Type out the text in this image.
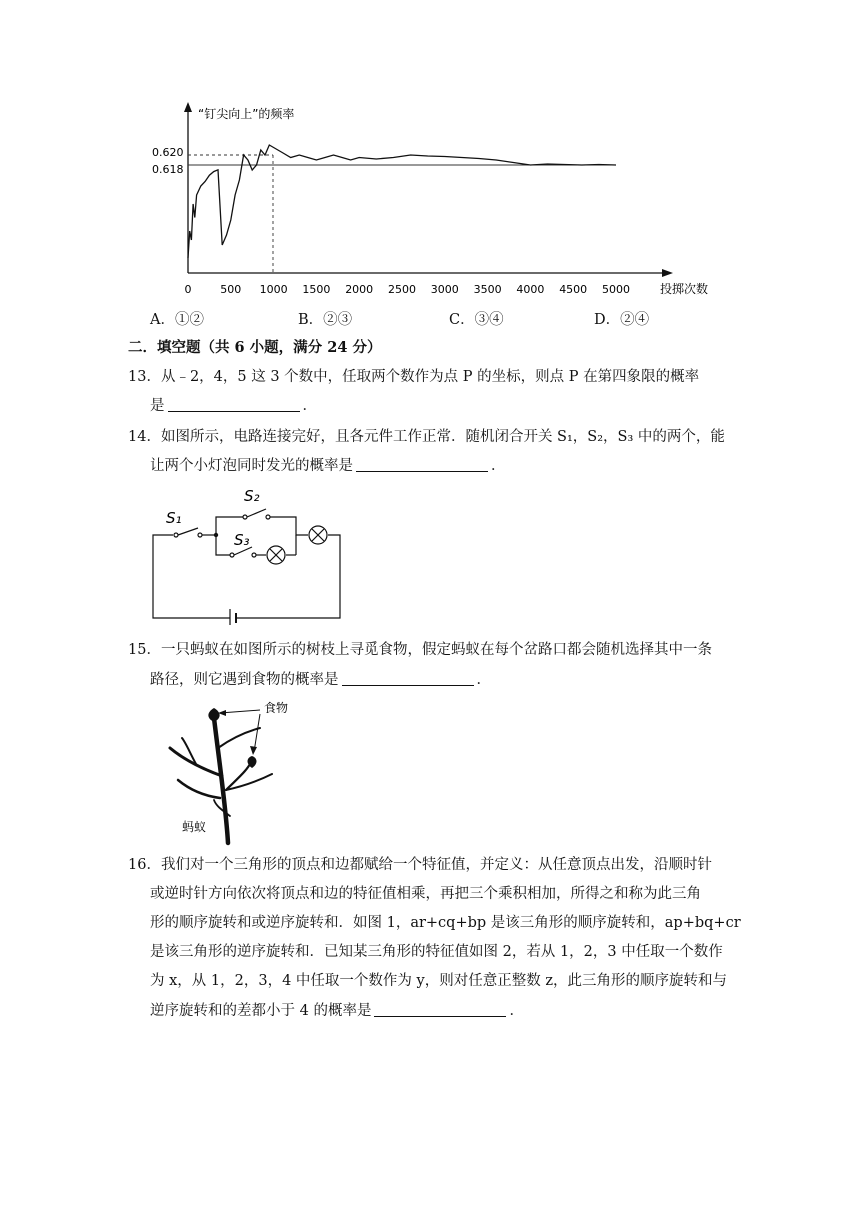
“钉尖向上”的频率
投掷次数
0.620
0.618
0	500 1000 1500 2000 2500 3000 3500 4000 4500 5000
A．①②	B．②③	C．③④	D．②④
二．填空题（共 6 小题，满分 24 分）
13．从﹣2，4，5 这 3 个数中，任取两个数作为点 P 的坐标，则点 P 在第四象限的概率
是	．
14．如图所示，电路连接完好，且各元件工作正常．随机闭合开关 S₁，S₂，S₃ 中的两个，能
让两个小灯泡同时发光的概率是	．
S₁
S₂
S₃
15．一只蚂蚁在如图所示的树枝上寻觅食物，假定蚂蚁在每个岔路口都会随机选择其中一条
路径，则它遇到食物的概率是	．
食物
蚂蚁
16．我们对一个三角形的顶点和边都赋给一个特征值，并定义：从任意顶点出发，沿顺时针
或逆时针方向依次将顶点和边的特征值相乘，再把三个乘积相加，所得之和称为此三角
形的顺序旋转和或逆序旋转和．如图 1，ar+cq+bp 是该三角形的顺序旋转和，ap+bq+cr
是该三角形的逆序旋转和．已知某三角形的特征值如图 2，若从 1，2，3 中任取一个数作
为 x，从 1，2，3，4 中任取一个数作为 y，则对任意正整数 z，此三角形的顺序旋转和与
逆序旋转和的差都小于 4 的概率是	．
